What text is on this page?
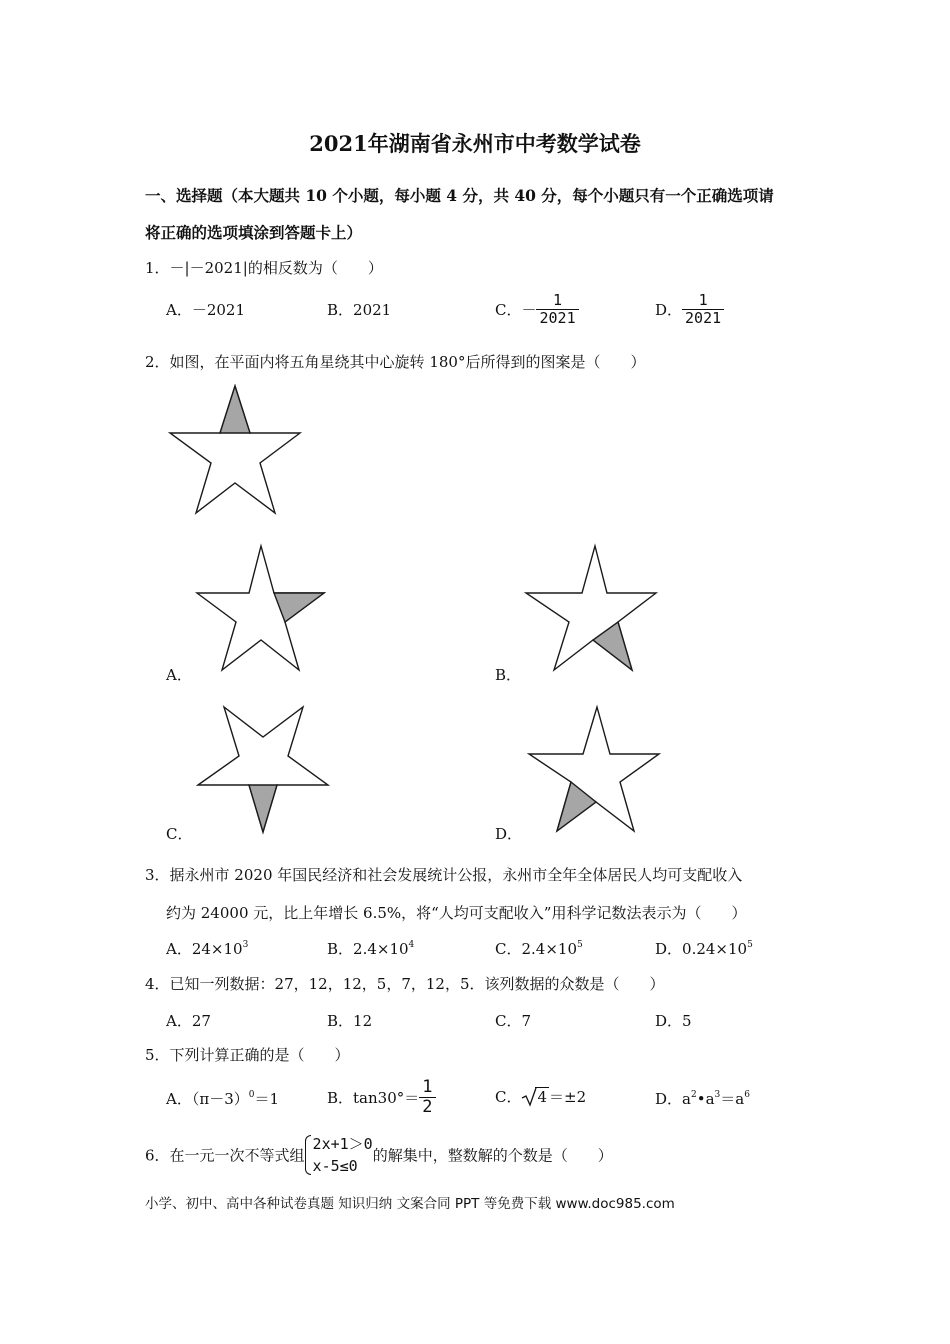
2021年湖南省永州市中考数学试卷
一、选择题（本大题共 10 个小题，每小题 4 分，共 40 分，每个小题只有一个正确选项请
将正确的选项填涂到答题卡上）
1．－|－2021|的相反数为（　　）
A．－2021	B．2021	C．－ $\frac{1}{2021}$	D． $\frac{1}{2021}$
2．如图，在平面内将五角星绕其中心旋转 180°后所得到的图案是（　　）
A．	B．
C．	D．
3．据永州市 2020 年国民经济和社会发展统计公报，永州市全年全体居民人均可支配收入
约为 24000 元，比上年增长 6.5%，将“人均可支配收入”用科学记数法表示为（　　）
A．$24\times 10^3$	B．$2.4\times 10^4$	C．$2.4\times 10^5$	D．$0.24\times 10^5$
4．已知一列数据：27，12，12，5，7，12，5．该列数据的众数是（　　）
A．27	B．12	C．7	D．5
5．下列计算正确的是（　　）
A．$(\pi-3)^0=1$	B．$\tan 30^\circ= \frac{1}{2}$	C． 4 ＝±2	D．$a^2•a^3=a^6$
6．在一元一次不等式组
2x+1＞0
x-5≤0
的解集中，整数解的个数是（　　）
小学、初中、高中各种试卷真题 知识归纳 文案合同 PPT 等免费下载 www.doc985.com
